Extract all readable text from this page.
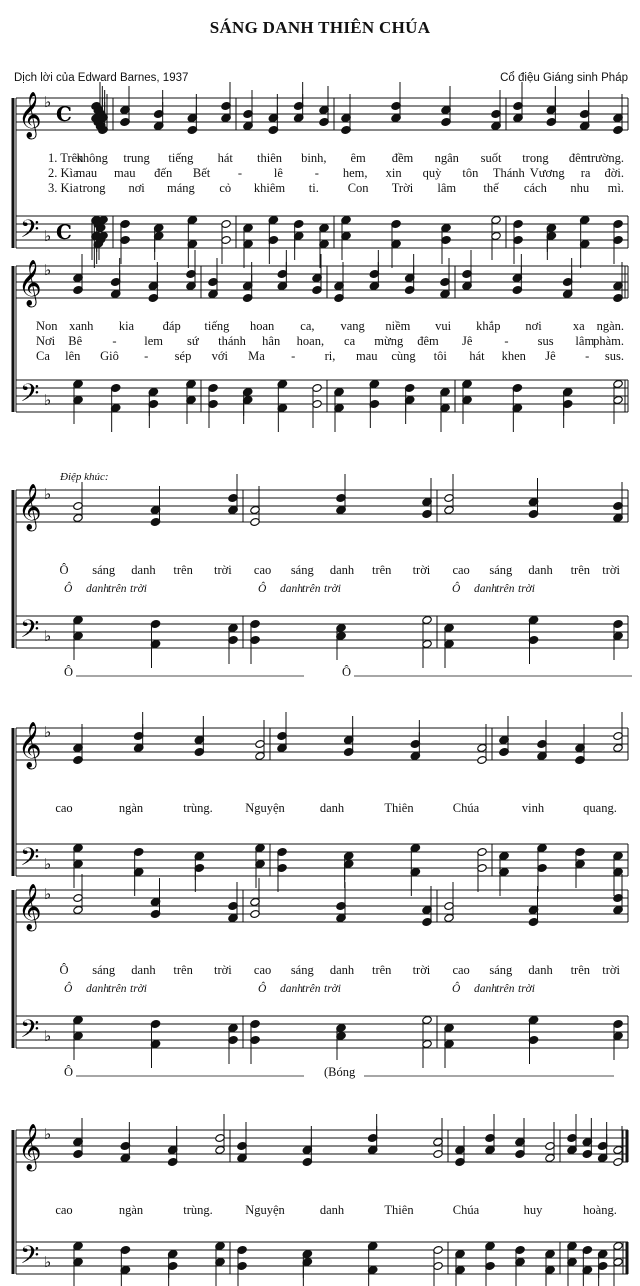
SÁNG DANH THIÊN CHÚA
Dịch lời của Edward Barnes, 1937	Cổ điệu Giáng sinh Pháp
𝄞
𝄢
♭
♭
C
C
1. Trên
không trung tiếng hát thiên binh, êm đềm ngân suốt trong đêm
trường.
2. Kìa
mau mau đến Bết -	lê	- hem, xin quỳ tôn Thánh Vương ra đời.
3. Kia trong nơi máng cỏ khiêm ti. Con Trời lâm thế cách nhu mì.
𝄞
𝄢
♭
♭
Non xanh kia đáp tiếng hoan ca, vang niềm vui khắp nơi xa ngàn.
Nơi Bê - lem sứ thánh hân hoan, ca mừng đêm Jê	- sus lâm
phàm.
Ca lên Giô - sép với Ma - ri, mau cùng tôi hát khen Jê - sus.
𝄞
𝄢
♭
♭
Điệp khúc:
Ô sáng danh trên trời cao sáng danh trên trời cao sáng danh trên trời
Ô danh trên trời	Ô danh trên trời	Ô danh trên trời
Ô	Ô
𝄞
𝄢
♭
♭
cao	ngàn	trùng.	Nguyện	danh	Thiên	Chúa	vinh	quang.
𝄞
𝄢
♭
♭
Ô sáng danh trên trời cao sáng danh trên trời cao sáng danh trên trời
Ô danh trên trời	Ô danh trên trời	Ô danh trên trời
Ô	(Bóng
𝄞
𝄢
♭
♭
cao	ngàn	trùng.	Nguyện	danh	Thiên	Chúa	huy	hoàng.
